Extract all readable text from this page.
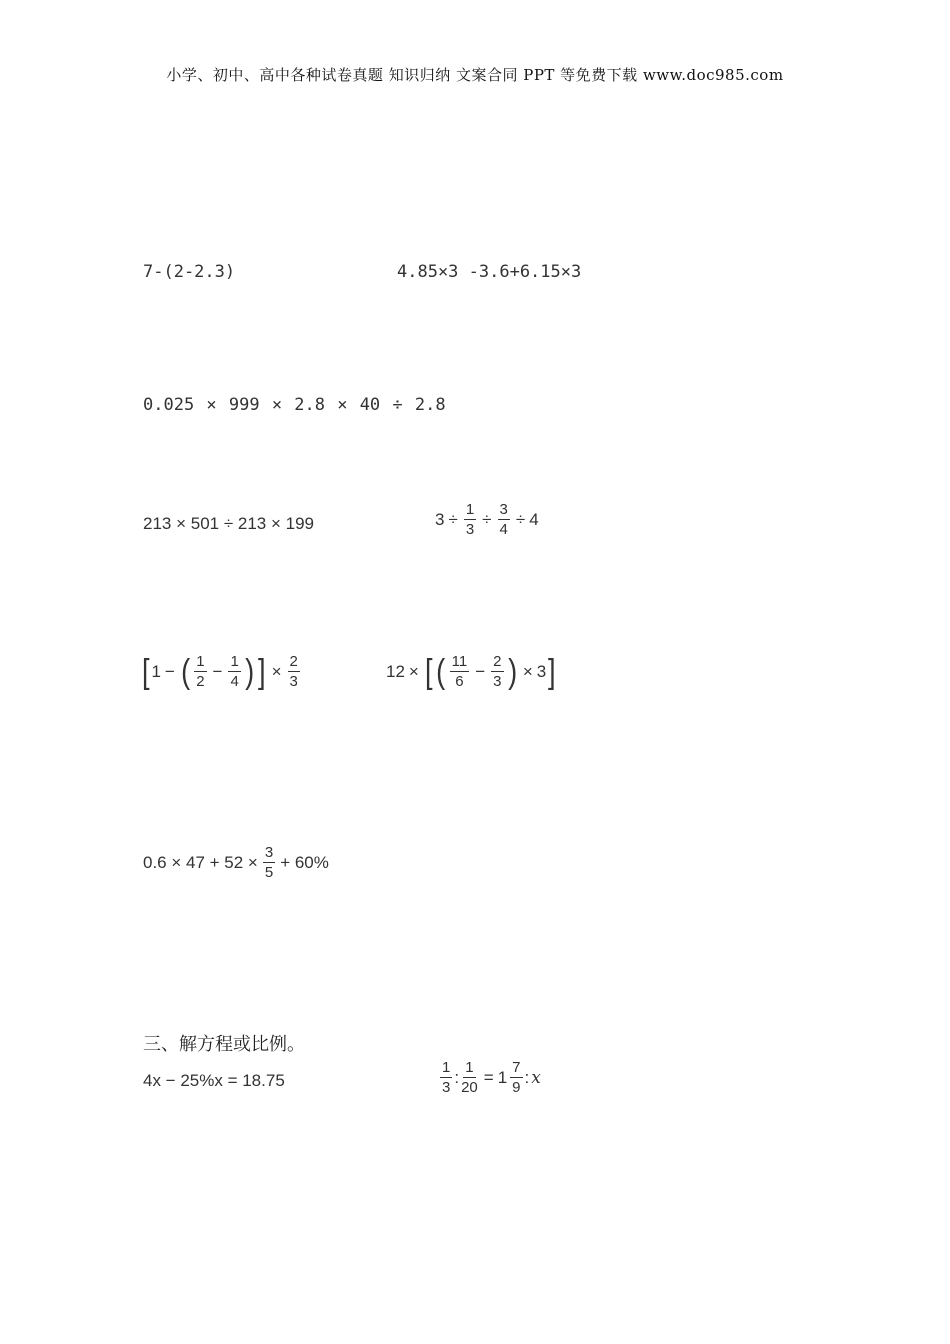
小学、初中、高中各种试卷真题 知识归纳 文案合同 PPT 等免费下载 www.doc985.com
7-(2-2.3)	4.85×3 -3.6+6.15×3
0.025 × 999 × 2.8 × 40 ÷ 2.8
213 × 501 ÷ 213 × 199	$3 \div \frac{1}{3} \div \frac{3}{4} \div 4$
[ 1 − ( $\frac{1}{2} - \frac{1}{4}$ ) ] × $\frac{2}{3}$	12 × [ ( $\frac{11}{6} - \frac{2}{3}$ ) × 3 ]
$0.6 \times 47 + 52 \times \frac{3}{5} + 60\%$
三、解方程或比例。
4x − 25%x = 18.75	$\frac{1}{3}$ : $\frac{1}{20} = 1 \frac{7}{9}$ : x
